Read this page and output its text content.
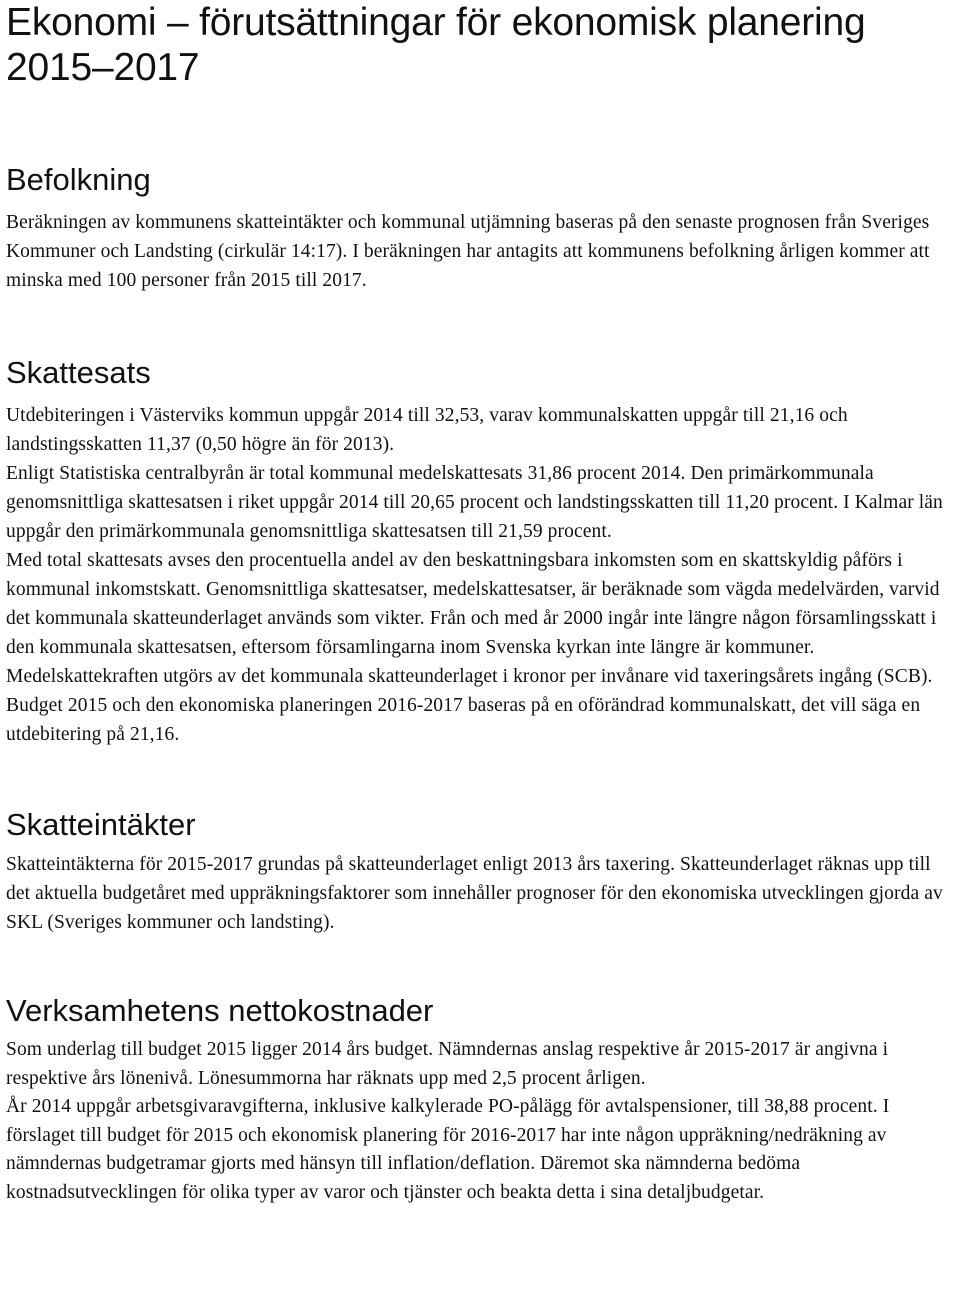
Ekonomi – förutsättningar för ekonomisk planering 2015–2017
Befolkning

Beräkningen av kommunens skatteintäkter och kommunal utjämning baseras på den senaste prognosen från Sveriges Kommuner och Landsting (cirkulär 14:17). I beräkningen har antagits att kommunens befolkning årligen kommer att minska med 100 personer från 2015 till 2017.

Skattesats

Utdebiteringen i Västerviks kommun uppgår 2014 till 32,53, varav kommunalskatten uppgår till 21,16 och landstingsskatten 11,37 (0,50 högre än för 2013).

Enligt Statistiska centralbyrån är total kommunal medelskattesats 31,86 procent 2014. Den primärkommunala genomsnittliga skattesatsen i riket uppgår 2014 till 20,65 procent och landstingsskatten till 11,20 procent. I Kalmar län uppgår den primärkommunala genomsnittliga skattesatsen till 21,59 procent.

Med total skattesats avses den procentuella andel av den beskattningsbara inkomsten som en skattskyldig påförs i kommunal inkomstskatt. Genomsnittliga skattesatser, medelskattesatser, är beräknade som vägda medelvärden, varvid det kommunala skatteunderlaget används som vikter. Från och med år 2000 ingår inte längre någon församlingsskatt i den kommunala skattesatsen, eftersom församlingarna inom Svenska kyrkan inte längre är kommuner. Medelskattekraften utgörs av det kommunala skatteunderlaget i kronor per invånare vid taxeringsårets ingång (SCB).

Budget 2015 och den ekonomiska planeringen 2016-2017 baseras på en oförändrad kommunalskatt, det vill säga en utdebitering på 21,16.

Skatteintäkter

Skatteintäkterna för 2015-2017 grundas på skatteunderlaget enligt 2013 års taxering. Skatteunderlaget räknas upp till det aktuella budgetåret med uppräkningsfaktorer som innehåller prognoser för den ekonomiska utvecklingen gjorda av SKL (Sveriges kommuner och landsting).

Verksamhetens nettokostnader

Som underlag till budget 2015 ligger 2014 års budget. Nämndernas anslag respektive år 2015-2017 är angivna i respektive års lönenivå. Lönesummorna har räknats upp med 2,5 procent årligen.

År 2014 uppgår arbetsgivaravgifterna, inklusive kalkylerade PO-pålägg för avtalspensioner, till 38,88 procent. I förslaget till budget för 2015 och ekonomisk planering för 2016-2017 har inte någon uppräkning/nedräkning av nämndernas budgetramar gjorts med hänsyn till inflation/deflation. Däremot ska nämnderna bedöma kostnadsutvecklingen för olika typer av varor och tjänster och beakta detta i sina detaljbudgetar.
